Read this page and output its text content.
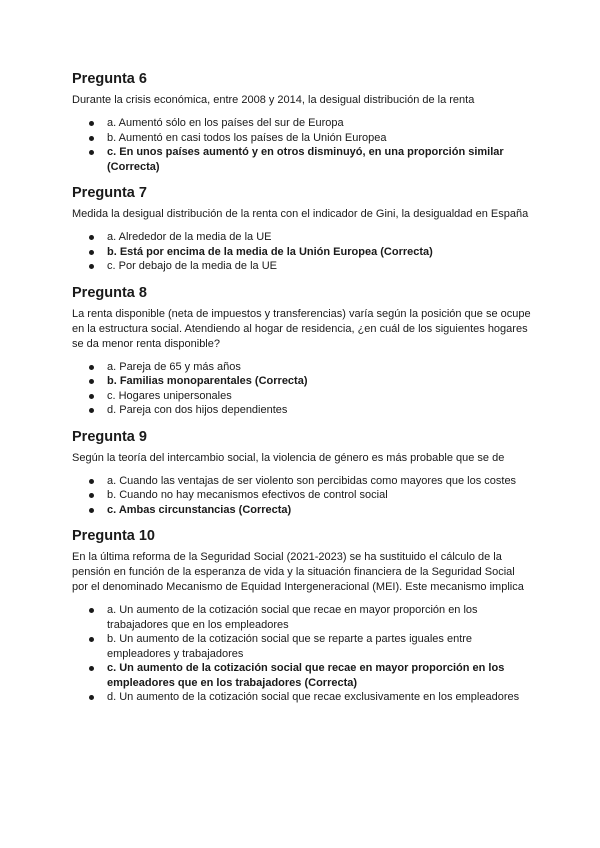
Pregunta 6

Durante la crisis económica, entre 2008 y 2014, la desigual distribución de la renta

a. Aumentó sólo en los países del sur de Europa
b. Aumentó en casi todos los países de la Unión Europea
c. En unos países aumentó y en otros disminuyó, en una proporción similar (Correcta)
Pregunta 7

Medida la desigual distribución de la renta con el indicador de Gini, la desigualdad en España

a. Alrededor de la media de la UE
b. Está por encima de la media de la Unión Europea (Correcta)
c. Por debajo de la media de la UE
Pregunta 8

La renta disponible (neta de impuestos y transferencias) varía según la posición que se ocupe en la estructura social. Atendiendo al hogar de residencia, ¿en cuál de los siguientes hogares se da menor renta disponible?

a. Pareja de 65 y más años
b. Familias monoparentales (Correcta)
c. Hogares unipersonales
d. Pareja con dos hijos dependientes
Pregunta 9

Según la teoría del intercambio social, la violencia de género es más probable que se de

a. Cuando las ventajas de ser violento son percibidas como mayores que los costes
b. Cuando no hay mecanismos efectivos de control social
c. Ambas circunstancias (Correcta)
Pregunta 10

En la última reforma de la Seguridad Social (2021-2023) se ha sustituido el cálculo de la pensión en función de la esperanza de vida y la situación financiera de la Seguridad Social por el denominado Mecanismo de Equidad Intergeneracional (MEI). Este mecanismo implica

a. Un aumento de la cotización social que recae en mayor proporción en los trabajadores que en los empleadores
b. Un aumento de la cotización social que se reparte a partes iguales entre empleadores y trabajadores
c. Un aumento de la cotización social que recae en mayor proporción en los empleadores que en los trabajadores (Correcta)
d. Un aumento de la cotización social que recae exclusivamente en los empleadores
